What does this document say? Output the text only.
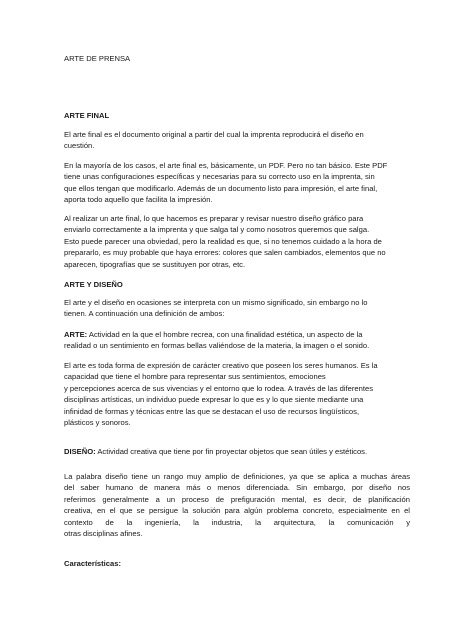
ARTE DE PRENSA

ARTE FINAL

El arte final es el documento original a partir del cual la imprenta reproducirá el diseño en
cuestión.

En la mayoría de los casos, el arte final es, básicamente, un PDF. Pero no tan básico. Este PDF
tiene unas configuraciones específicas y necesarias para su correcto uso en la imprenta, sin
que ellos tengan que modificarlo. Además de un documento listo para impresión, el arte final,
aporta todo aquello que facilita la impresión.

Al realizar un arte final, lo que hacemos es preparar y revisar nuestro diseño gráfico para
enviarlo correctamente a la imprenta y que salga tal y como nosotros queremos que salga.
Esto puede parecer una obviedad, pero la realidad es que, si no tenemos cuidado a la hora de
prepararlo, es muy probable que haya errores: colores que salen cambiados, elementos que no
aparecen, tipografías que se sustituyen por otras, etc.

ARTE Y DISEÑO

El arte y el diseño en ocasiones se interpreta con un mismo significado, sin embargo no lo
tienen. A continuación una definición de ambos:

ARTE: Actividad en la que el hombre recrea, con una finalidad estética, un aspecto de la
realidad o un sentimiento en formas bellas valiéndose de la materia, la imagen o el sonido.

El arte es toda forma de expresión de carácter creativo que poseen los seres humanos. Es la
capacidad que tiene el hombre para representar sus sentimientos, emociones
y percepciones acerca de sus vivencias y el entorno que lo rodea. A través de las diferentes
disciplinas artísticas, un individuo puede expresar lo que es y lo que siente mediante una
infinidad de formas y técnicas entre las que se destacan el uso de recursos lingüísticos,
plásticos y sonoros.

DISEÑO: Actividad creativa que tiene por fin proyectar objetos que sean útiles y estéticos.

La palabra diseño tiene un rango muy amplio de definiciones, ya que se aplica a muchas áreas
del saber humano de manera más o menos diferenciada. Sin embargo, por diseño nos
referimos generalmente a un proceso de prefiguración mental, es decir, de planificación
creativa, en el que se persigue la solución para algún problema concreto, especialmente en el
contexto de la ingeniería, la industria, la arquitectura, la comunicación y
otras disciplinas afines.

Características:
